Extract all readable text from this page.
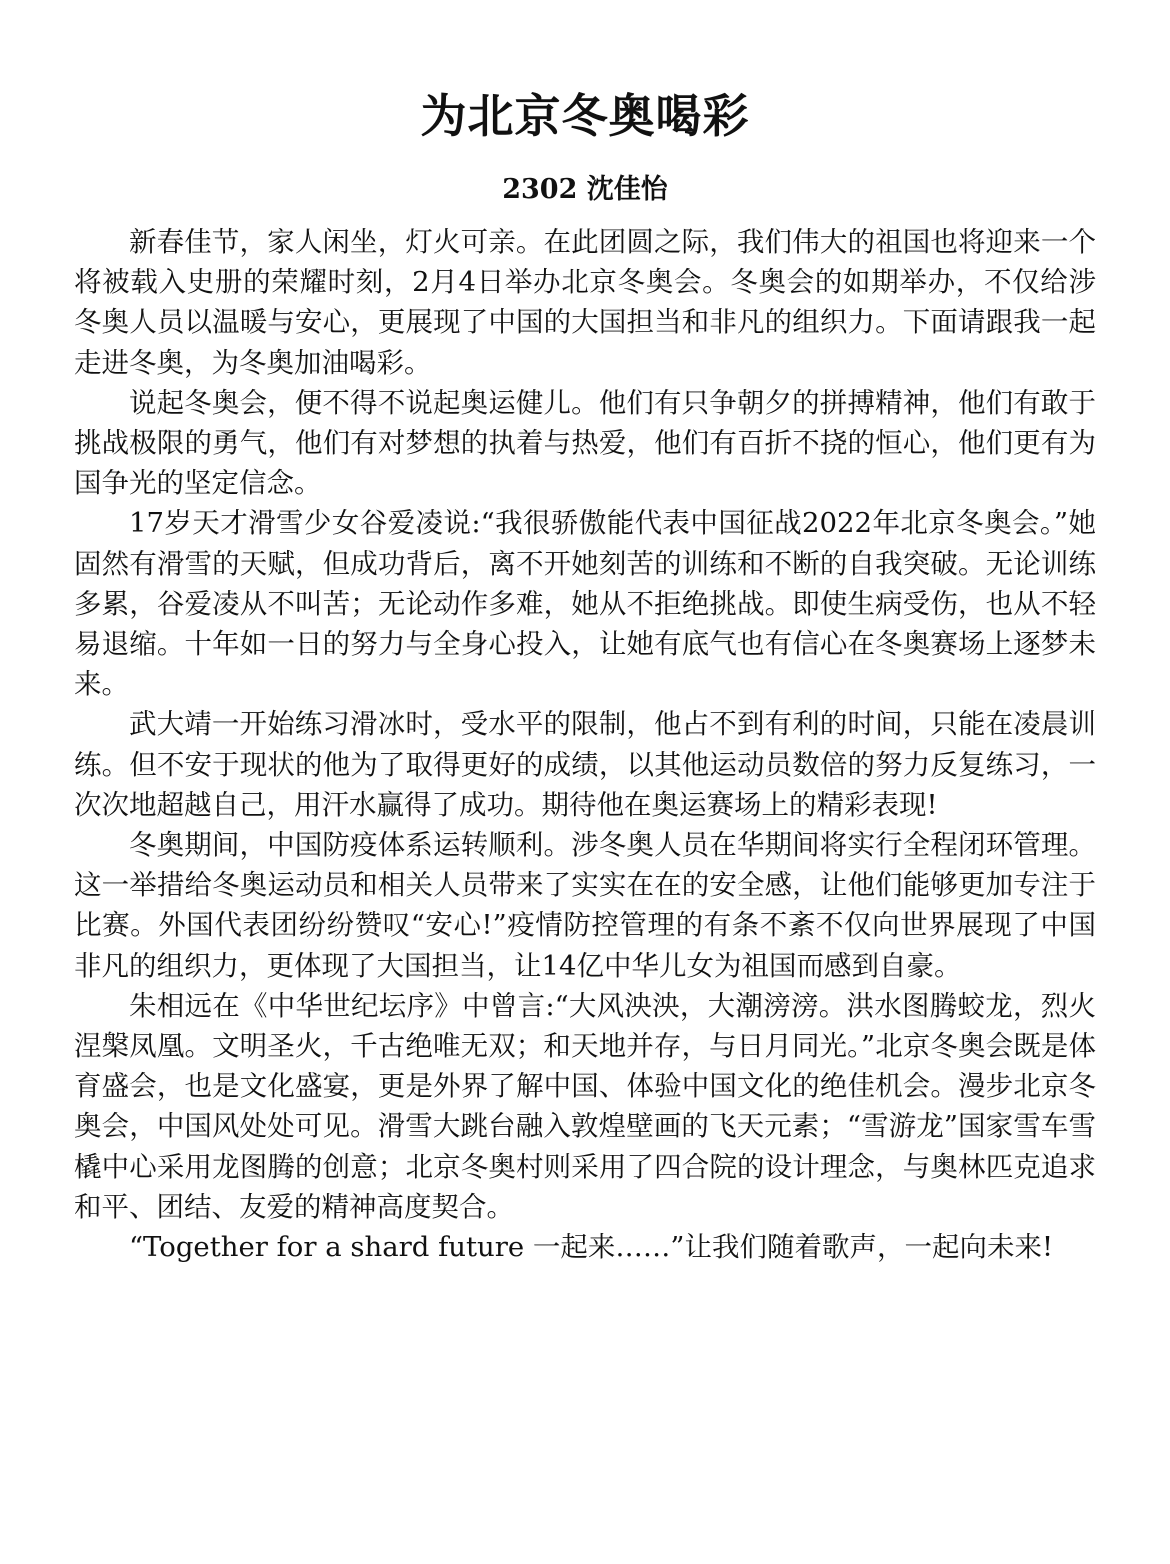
为北京冬奥喝彩
2302 沈佳怡

新春佳节，家人闲坐，灯火可亲。在此团圆之际，我们伟大的祖国也将迎来一个将被载入史册的荣耀时刻，2月4日举办北京冬奥会。冬奥会的如期举办，不仅给涉冬奥人员以温暖与安心，更展现了中国的大国担当和非凡的组织力。下面请跟我一起走进冬奥，为冬奥加油喝彩。

说起冬奥会，便不得不说起奥运健儿。他们有只争朝夕的拼搏精神，他们有敢于挑战极限的勇气，他们有对梦想的执着与热爱，他们有百折不挠的恒心，他们更有为国争光的坚定信念。

17岁天才滑雪少女谷爱凌说:“我很骄傲能代表中国征战2022年北京冬奥会。”她固然有滑雪的天赋，但成功背后，离不开她刻苦的训练和不断的自我突破。无论训练多累，谷爱凌从不叫苦；无论动作多难，她从不拒绝挑战。即使生病受伤，也从不轻易退缩。十年如一日的努力与全身心投入，让她有底气也有信心在冬奥赛场上逐梦未来。

武大靖一开始练习滑冰时，受水平的限制，他占不到有利的时间，只能在凌晨训练。但不安于现状的他为了取得更好的成绩，以其他运动员数倍的努力反复练习，一次次地超越自己，用汗水赢得了成功。期待他在奥运赛场上的精彩表现!

冬奥期间，中国防疫体系运转顺利。涉冬奥人员在华期间将实行全程闭环管理。这一举措给冬奥运动员和相关人员带来了实实在在的安全感，让他们能够更加专注于比赛。外国代表团纷纷赞叹“安心!”疫情防控管理的有条不紊不仅向世界展现了中国非凡的组织力，更体现了大国担当，让14亿中华儿女为祖国而感到自豪。

朱相远在《中华世纪坛序》中曾言:“大风泱泱，大潮滂滂。洪水图腾蛟龙，烈火涅槃凤凰。文明圣火，千古绝唯无双；和天地并存，与日月同光。”北京冬奥会既是体育盛会，也是文化盛宴，更是外界了解中国、体验中国文化的绝佳机会。漫步北京冬奥会，中国风处处可见。滑雪大跳台融入敦煌壁画的飞天元素；“雪游龙”国家雪车雪橇中心采用龙图腾的创意；北京冬奥村则采用了四合院的设计理念，与奥林匹克追求和平、团结、友爱的精神高度契合。

“Together for a shard future 一起来……”让我们随着歌声，一起向未来!
